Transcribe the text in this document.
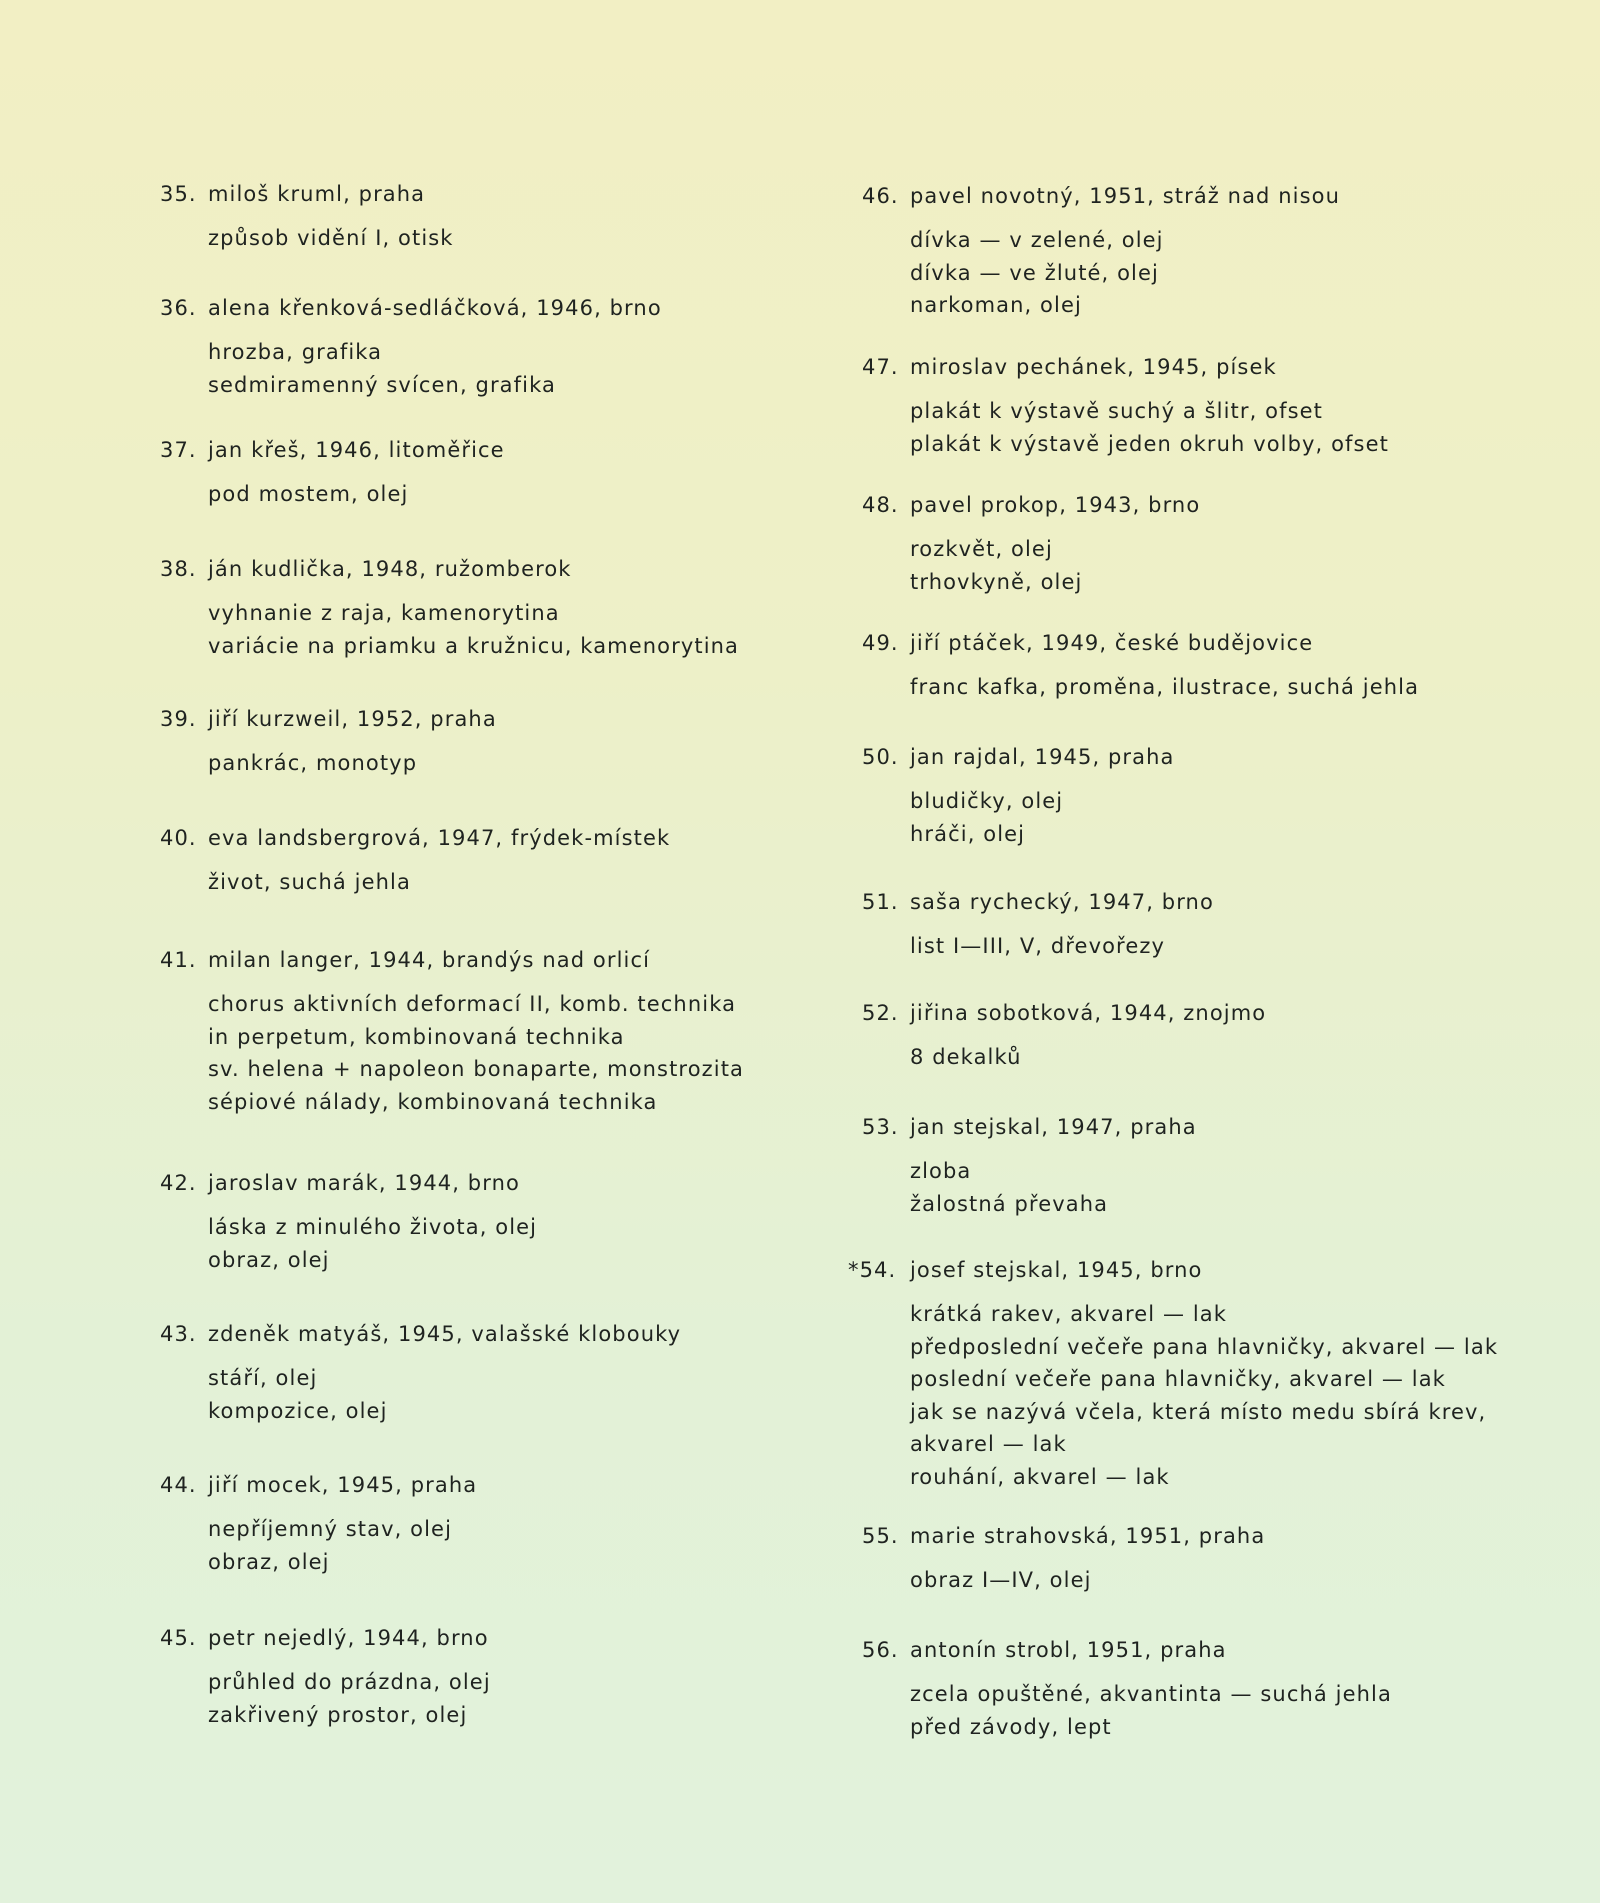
35. miloš kruml, praha
způsob vidění I, otisk
36. alena křenková-sedláčková, 1946, brno
hrozba, grafika
sedmiramenný svícen, grafika
37. jan křeš, 1946, litoměřice
pod mostem, olej
38. ján kudlička, 1948, ružomberok
vyhnanie z raja, kamenorytina
variácie na priamku a kružnicu, kamenorytina
39. jiří kurzweil, 1952, praha
pankrác, monotyp
40. eva landsbergrová, 1947, frýdek-místek
život, suchá jehla
41. milan langer, 1944, brandýs nad orlicí
chorus aktivních deformací II, komb. technika
in perpetum, kombinovaná technika
sv. helena + napoleon bonaparte, monstrozita
sépiové nálady, kombinovaná technika
42. jaroslav marák, 1944, brno
láska z minulého života, olej
obraz, olej
43. zdeněk matyáš, 1945, valašské klobouky
stáří, olej
kompozice, olej
44. jiří mocek, 1945, praha
nepříjemný stav, olej
obraz, olej
45. petr nejedlý, 1944, brno
průhled do prázdna, olej
zakřivený prostor, olej
46. pavel novotný, 1951, stráž nad nisou
dívka — v zelené, olej
dívka — ve žluté, olej
narkoman, olej
47. miroslav pechánek, 1945, písek
plakát k výstavě suchý a šlitr, ofset
plakát k výstavě jeden okruh volby, ofset
48. pavel prokop, 1943, brno
rozkvět, olej
trhovkyně, olej
49. jiří ptáček, 1949, české budějovice
franc kafka, proměna, ilustrace, suchá jehla
50. jan rajdal, 1945, praha
bludičky, olej
hráči, olej
51. saša rychecký, 1947, brno
list I—III, V, dřevořezy
52. jiřina sobotková, 1944, znojmo
8 dekalků
53. jan stejskal, 1947, praha
zloba
žalostná převaha
*54. josef stejskal, 1945, brno
krátká rakev, akvarel — lak
předposlední večeře pana hlavničky, akvarel — lak
poslední večeře pana hlavničky, akvarel — lak
jak se nazývá včela, která místo medu sbírá krev,
akvarel — lak
rouhání, akvarel — lak
55. marie strahovská, 1951, praha
obraz I—IV, olej
56. antonín strobl, 1951, praha
zcela opuštěné, akvantinta — suchá jehla
před závody, lept
